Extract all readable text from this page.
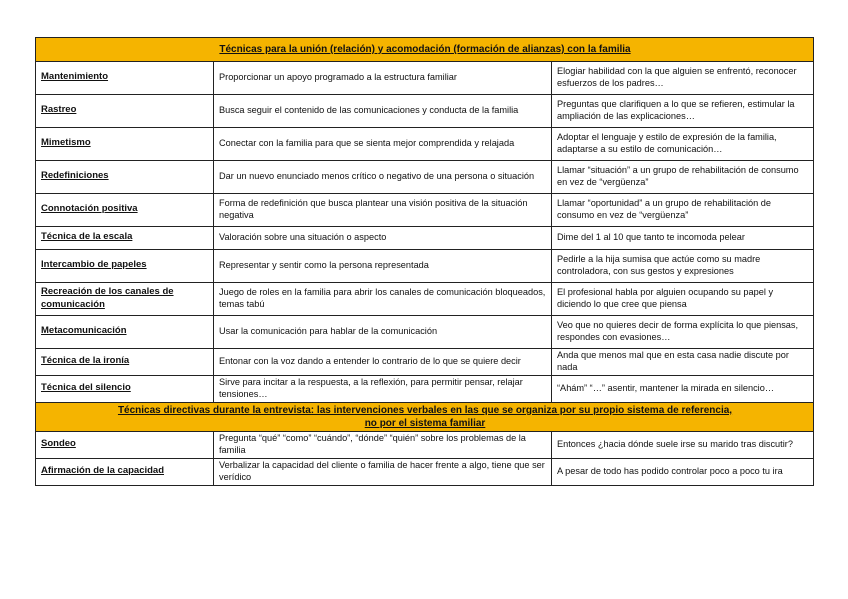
Técnicas para la unión (relación) y acomodación (formación de alianzas) con la familia		

Mantenimiento	Proporcionar un apoyo programado a la estructura familiar	Elogiar habilidad con la que alguien se enfrentó, reconocer esfuerzos de los padres…

Rastreo	Busca seguir el contenido de las comunicaciones y conducta de la familia	Preguntas que clarifiquen a lo que se refieren, estimular la ampliación de las explicaciones…

Mimetismo	Conectar con la familia para que se sienta mejor comprendida y relajada	Adoptar el lenguaje y estilo de expresión de la familia, adaptarse a su estilo de comunicación…

Redefiniciones	Dar un nuevo enunciado menos crítico o negativo de una persona o situación	Llamar “situación” a un grupo de rehabilitación de consumo en vez de “vergüenza”

Connotación positiva	Forma de redefinición que busca plantear una visión positiva de la situación negativa	Llamar “oportunidad” a un grupo de rehabilitación de consumo en vez de “vergüenza”

Técnica de la escala	Valoración sobre una situación o aspecto	Dime del 1 al 10 que tanto te incomoda pelear

Intercambio de papeles	Representar y sentir como la persona representada	Pedirle a la hija sumisa que actúe como su madre controladora, con sus gestos y expresiones

Recreación de los canales de comunicación	Juego de roles en la familia para abrir los canales de comunicación bloqueados, temas tabú	El profesional habla por alguien ocupando su papel y diciendo lo que cree que piensa

Metacomunicación	Usar la comunicación para hablar de la comunicación	Veo que no quieres decir de forma explícita lo que piensas, respondes con evasiones…

Técnica de la ironía	Entonar con la voz dando a entender lo contrario de lo que se quiere decir	Anda que menos mal que en esta casa nadie discute por nada

Técnica del silencio	Sirve para incitar a la respuesta, a la reflexión, para permitir pensar, relajar tensiones…	“Ahám” “…” asentir, mantener la mirada en silencio…

Técnicas directivas durante la entrevista: las intervenciones verbales en las que se organiza por su propio sistema de referencia,
no por el sistema familiar		

Sondeo	Pregunta “qué” “como” “cuándo”, “dónde” “quién” sobre los problemas de la familia	Entonces ¿hacia dónde suele irse su marido tras discutir?

Afirmación de la capacidad	Verbalizar la capacidad del cliente o familia de hacer frente a algo, tiene que ser verídico	A pesar de todo has podido controlar poco a poco tu ira
